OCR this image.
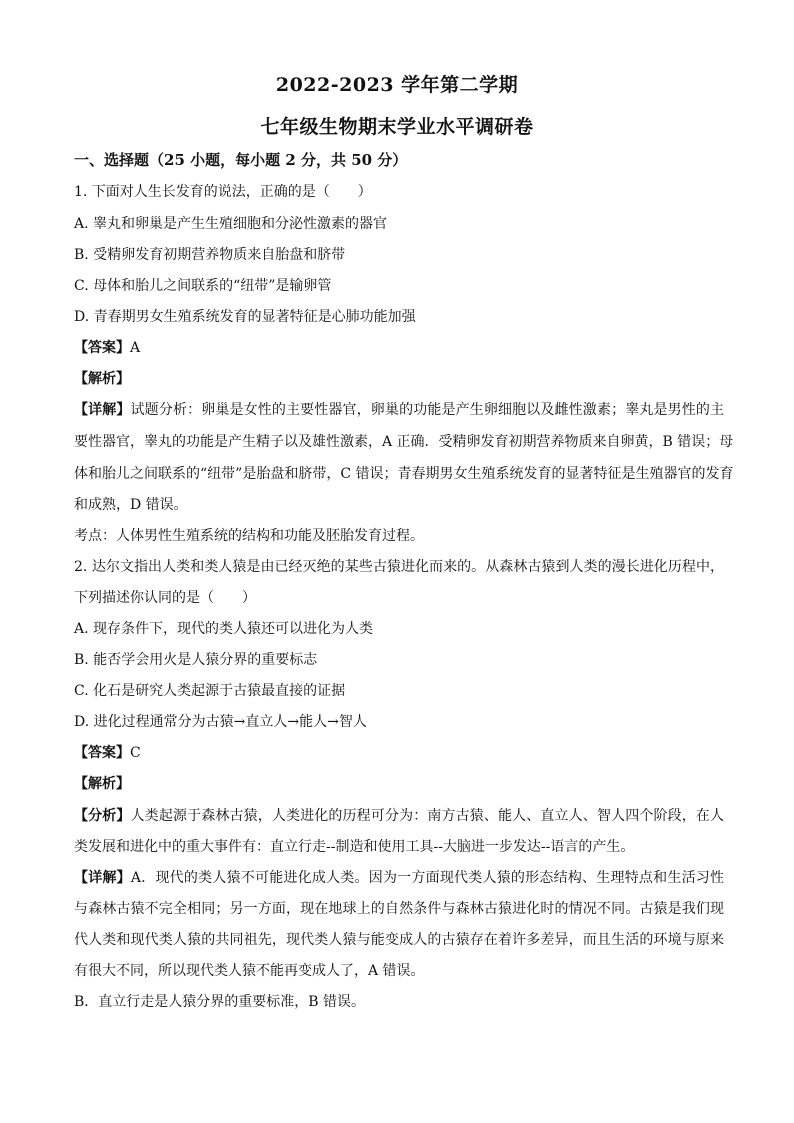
2022-2023 学年第二学期
七年级生物期末学业水平调研卷
一、选择题（25 小题，每小题 2 分，共 50 分）
1. 下面对人生长发育的说法，正确的是（　　）
A. 睾丸和卵巢是产生生殖细胞和分泌性激素的器官
B. 受精卵发育初期营养物质来自胎盘和脐带
C. 母体和胎儿之间联系的“纽带”是输卵管
D. 青春期男女生殖系统发育的显著特征是心肺功能加强
【答案】A
【解析】
【详解】试题分析：卵巢是女性的主要性器官，卵巢的功能是产生卵细胞以及雌性激素；睾丸是男性的主
要性器官，睾丸的功能是产生精子以及雄性激素，A 正确．受精卵发育初期营养物质来自卵黄，B 错误；母
体和胎儿之间联系的“纽带”是胎盘和脐带，C 错误；青春期男女生殖系统发育的显著特征是生殖器官的发育
和成熟，D 错误。
考点：人体男性生殖系统的结构和功能及胚胎发育过程。
2. 达尔文指出人类和类人猿是由已经灭绝的某些古猿进化而来的。从森林古猿到人类的漫长进化历程中，
下列描述你认同的是（　　）
A. 现存条件下，现代的类人猿还可以进化为人类
B. 能否学会用火是人猿分界的重要标志
C. 化石是研究人类起源于古猿最直接的证据
D. 进化过程通常分为古猿→直立人→能人→智人
【答案】C
【解析】
【分析】人类起源于森林古猿，人类进化的历程可分为：南方古猿、能人、直立人、智人四个阶段，在人
类发展和进化中的重大事件有：直立行走--制造和使用工具--大脑进一步发达--语言的产生。
【详解】A．现代的类人猿不可能进化成人类。因为一方面现代类人猿的形态结构、生理特点和生活习性
与森林古猿不完全相同；另一方面，现在地球上的自然条件与森林古猿进化时的情况不同。古猿是我们现
代人类和现代类人猿的共同祖先，现代类人猿与能变成人的古猿存在着许多差异，而且生活的环境与原来
有很大不同，所以现代类人猿不能再变成人了，A 错误。
B．直立行走是人猿分界的重要标准，B 错误。
